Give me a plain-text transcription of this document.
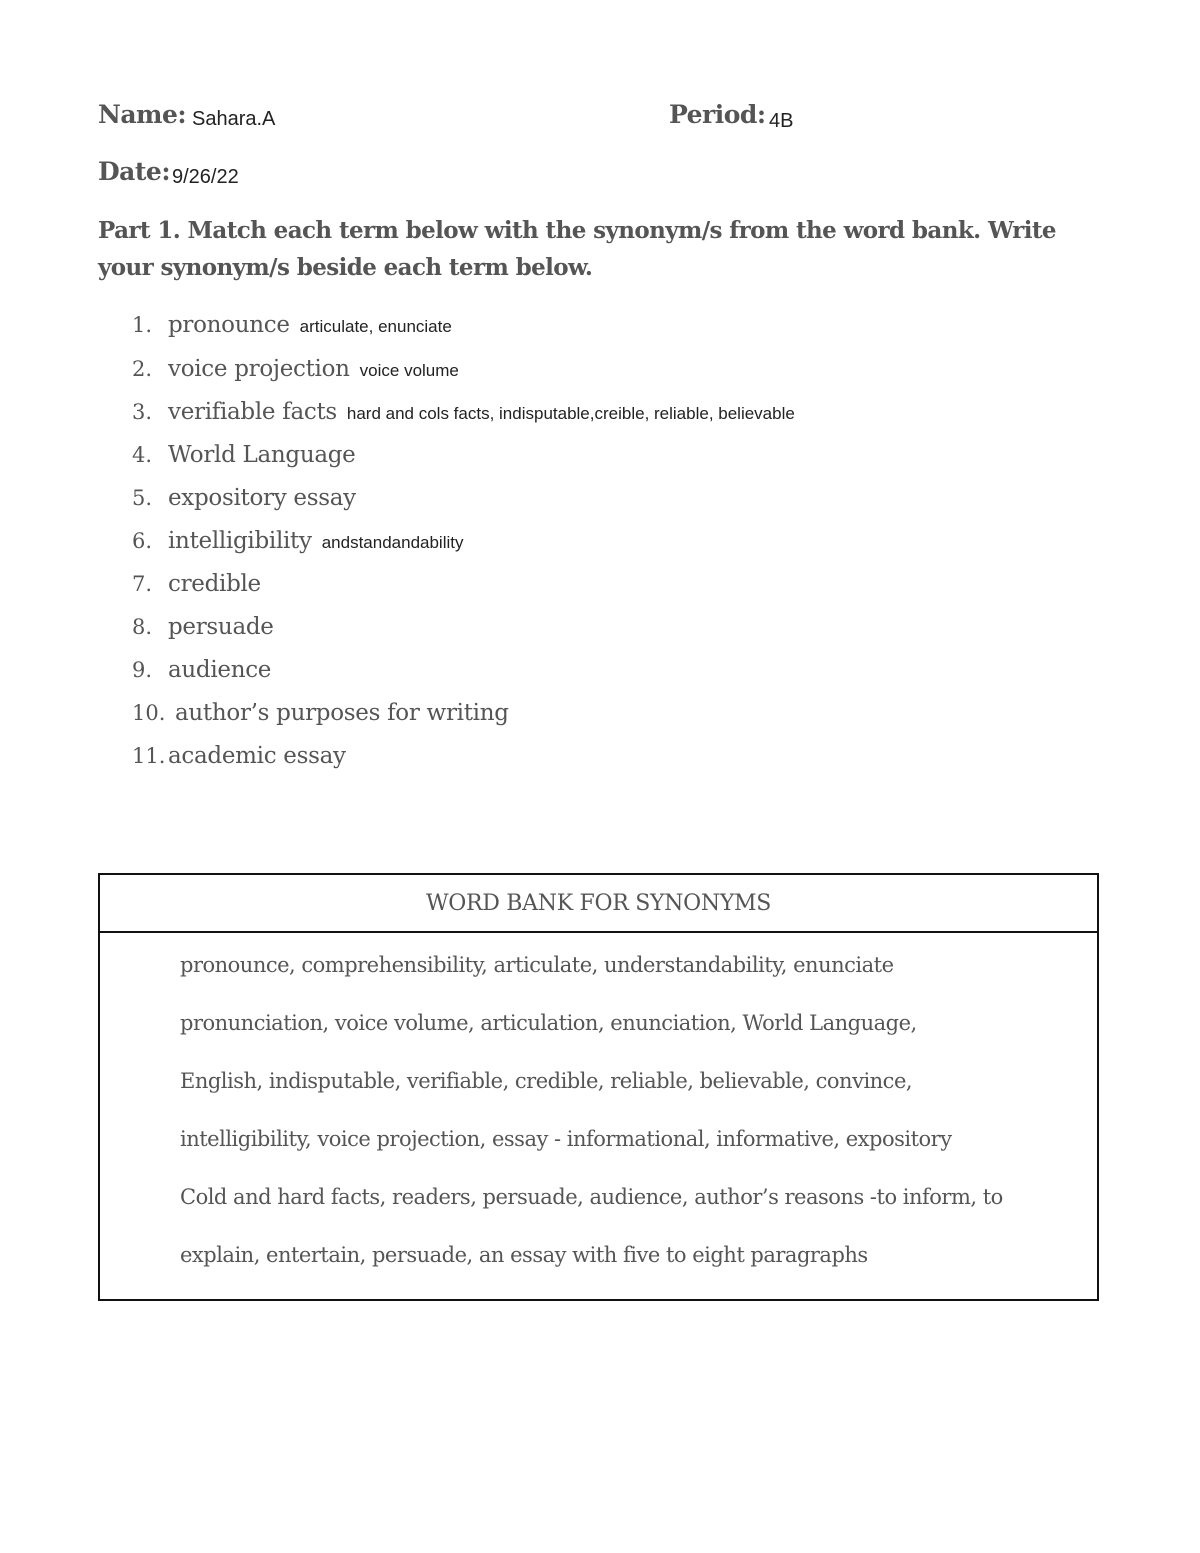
Name: Sahara.A	Period: 4B
Date: 9/26/22

Part 1. Match each term below with the synonym/s from the word bank. Write your synonym/s beside each term below.

1. pronounce articulate, enunciate
2. voice projection voice volume
3. verifiable facts hard and cols facts, indisputable,creible, reliable, believable
4. World Language
5. expository essay
6. intelligibility andstandandability
7. credible
8. persuade
9. audience
10. author’s purposes for writing
11. academic essay
WORD BANK FOR SYNONYMS
pronounce, comprehensibility, articulate, understandability, enunciate
pronunciation, voice volume, articulation, enunciation, World Language,
English, indisputable, verifiable, credible, reliable, believable, convince,
intelligibility, voice projection, essay - informational, informative, expository
Cold and hard facts, readers, persuade, audience, author’s reasons -to inform, to
explain, entertain, persuade, an essay with five to eight paragraphs
